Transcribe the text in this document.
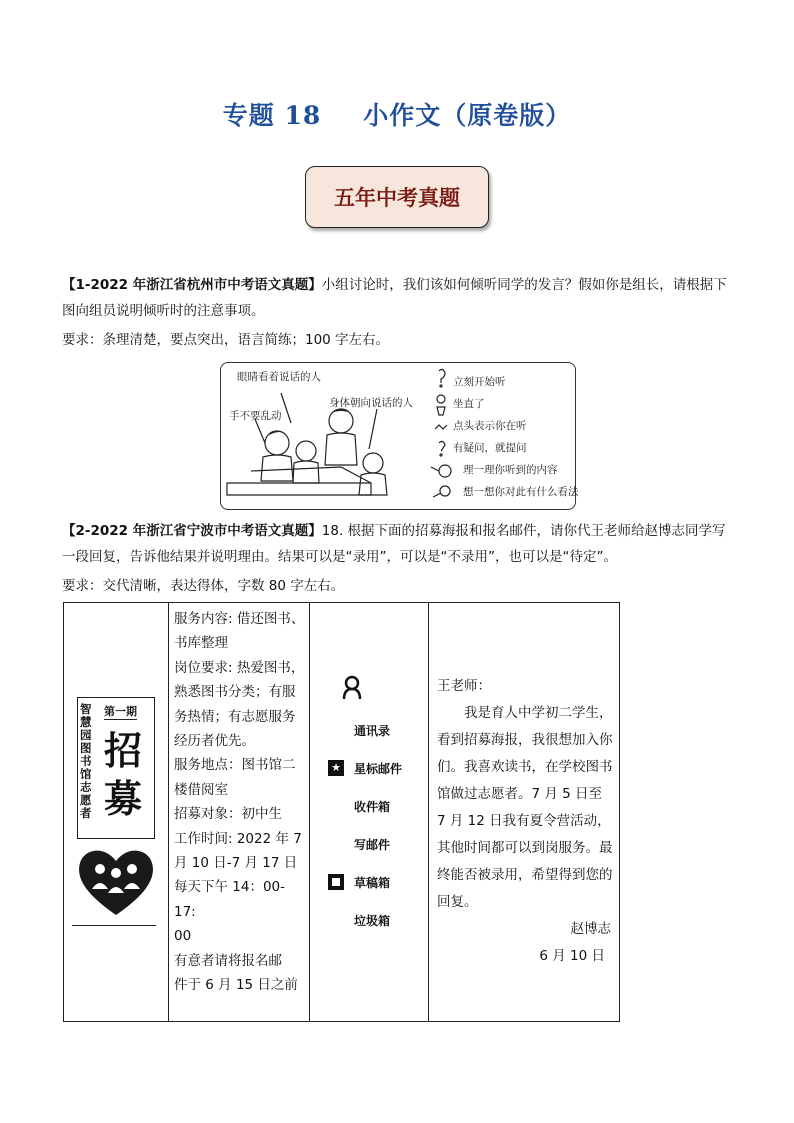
专题 18 小作文（原卷版）
五年中考真题
【1-2022 年浙江省杭州市中考语文真题】小组讨论时，我们该如何倾听同学的发言？假如你是组长，请根据下图向组员说明倾听时的注意事项。
要求：条理清楚，要点突出，语言简练；100 字左右。
眼睛看着说话的人
手不要乱动
身体朝向说话的人
立刻开始听
坐直了
点头表示你在听
有疑问，就提问
理一理你听到的内容
想一想你对此有什么看法
【2-2022 年浙江省宁波市中考语文真题】18. 根据下面的招募海报和报名邮件，请你代王老师给赵博志同学写一段回复，告诉他结果并说明理由。结果可以是“录用”，可以是“不录用”，也可以是“待定”。
要求：交代清晰，表达得体，字数 80 字左右。
智慧园图书馆志愿者
第一期
招募

服务内容: 借还图书、
书库整理
岗位要求: 热爱图书，
熟悉图书分类；有服
务热情；有志愿服务
经历者优先。
服务地点：图书馆二
楼借阅室
招募对象：初中生
工作时间: 2022 年 7
月 10 日-7 月 17 日
每天下午 14：00-17:
00
有意者请将报名邮
件于 6 月 15 日之前

通讯录
★ 星标邮件
收件箱
写邮件
草稿箱
垃圾箱

王老师：
我是育人中学初二学生，看到招募海报，我很想加入你们。我喜欢读书，在学校图书馆做过志愿者。7 月 5 日至 7 月 12 日我有夏令营活动，其他时间都可以到岗服务。最终能否被录用，希望得到您的回复。
赵博志
6 月 10 日
